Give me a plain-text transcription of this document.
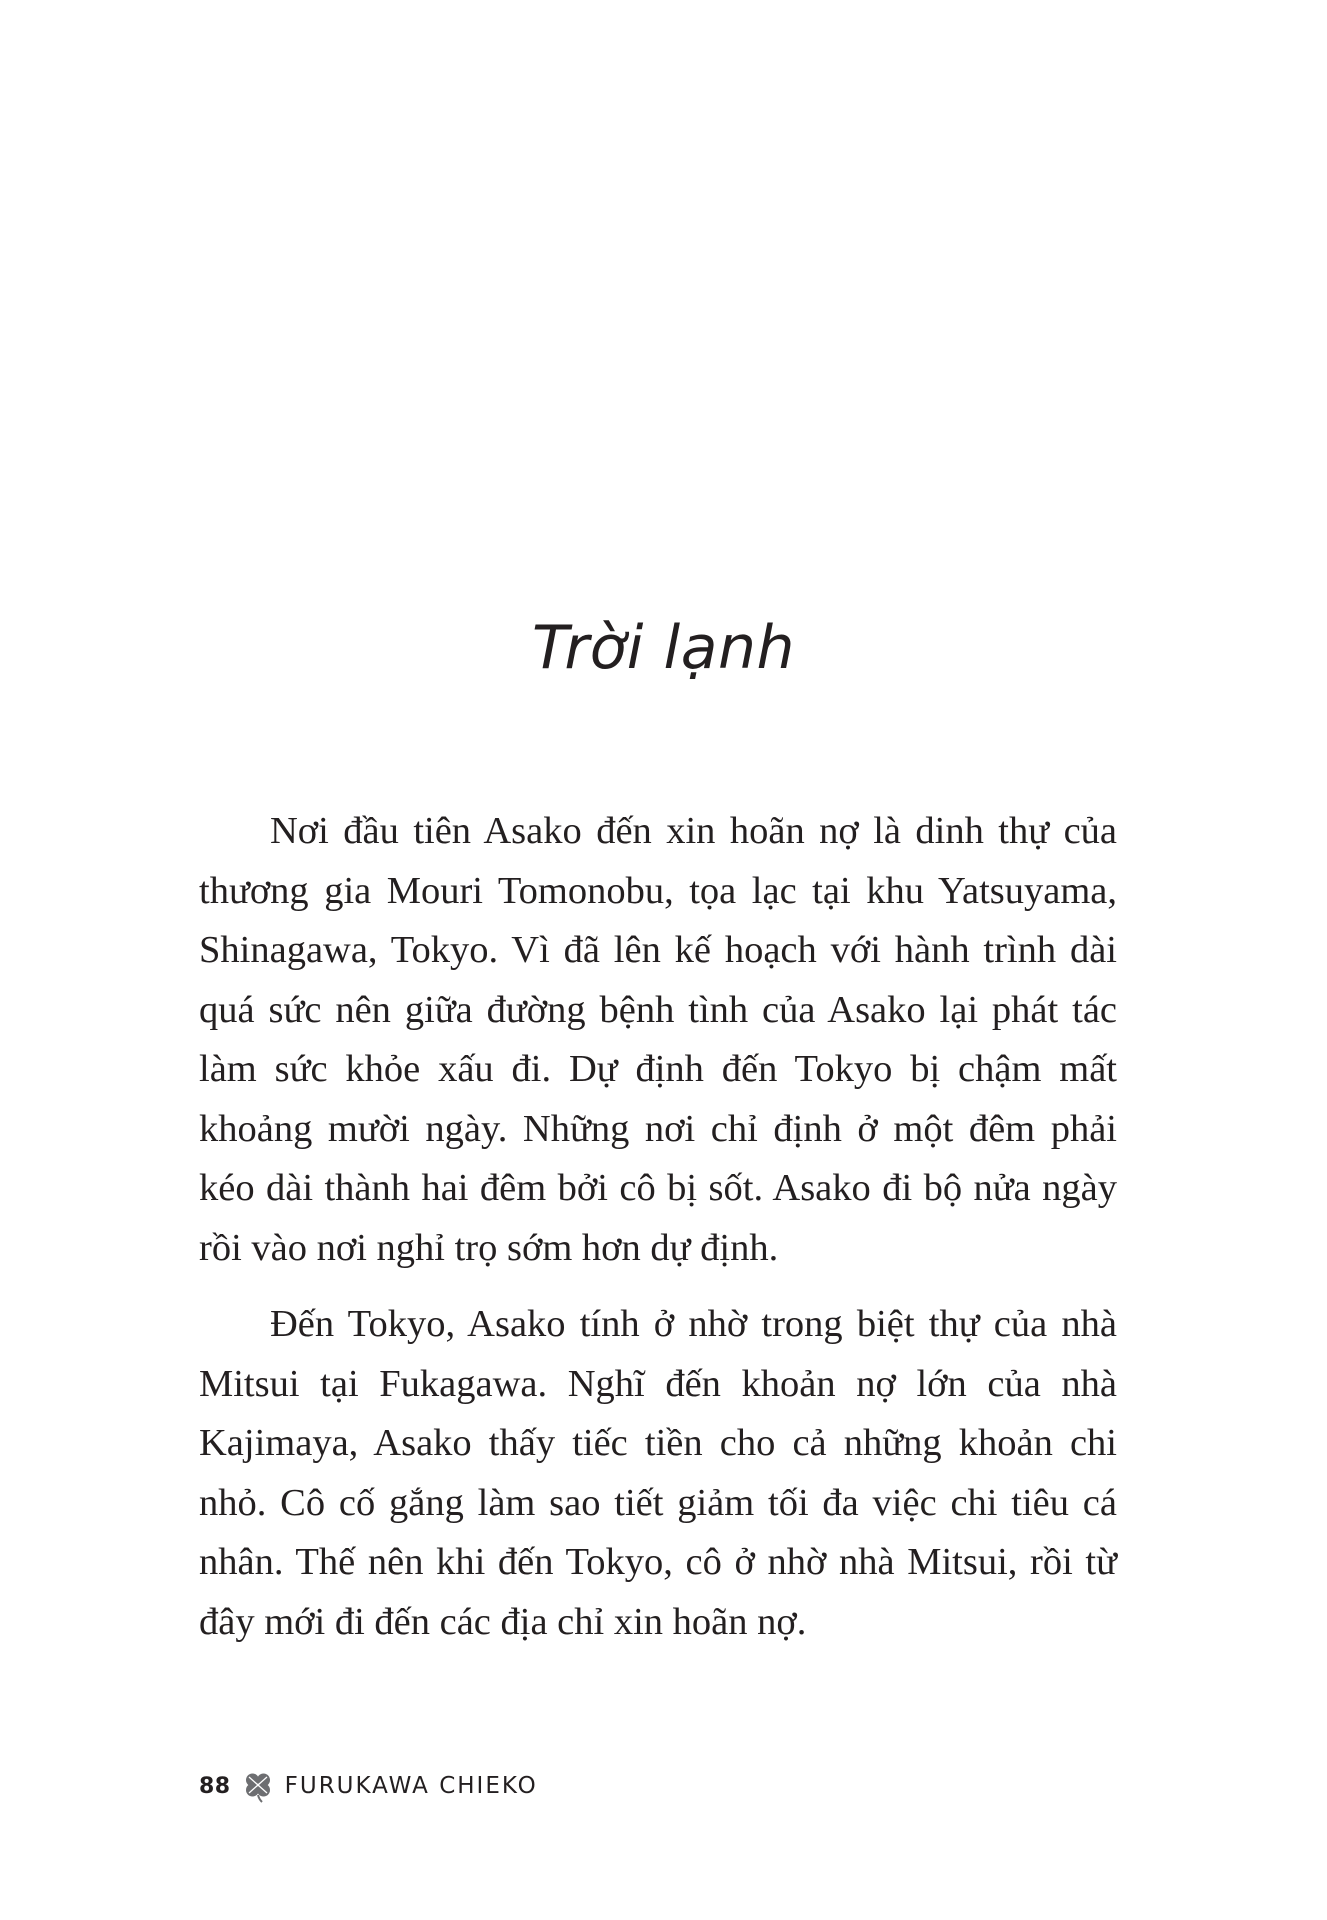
Trời lạnh

Nơi đầu tiên Asako đến xin hoãn nợ là dinh thự của thương gia Mouri Tomonobu, tọa lạc tại khu Yatsuyama, Shinagawa, Tokyo. Vì đã lên kế hoạch với hành trình dài quá sức nên giữa đường bệnh tình của Asako lại phát tác làm sức khỏe xấu đi. Dự định đến Tokyo bị chậm mất khoảng mười ngày. Những nơi chỉ định ở một đêm phải kéo dài thành hai đêm bởi cô bị sốt. Asako đi bộ nửa ngày rồi vào nơi nghỉ trọ sớm hơn dự định.

Đến Tokyo, Asako tính ở nhờ trong biệt thự của nhà Mitsui tại Fukagawa. Nghĩ đến khoản nợ lớn của nhà Kajimaya, Asako thấy tiếc tiền cho cả những khoản chi nhỏ. Cô cố gắng làm sao tiết giảm tối đa việc chi tiêu cá nhân. Thế nên khi đến Tokyo, cô ở nhờ nhà Mitsui, rồi từ đây mới đi đến các địa chỉ xin hoãn nợ.

88 FURUKAWA CHIEKO
